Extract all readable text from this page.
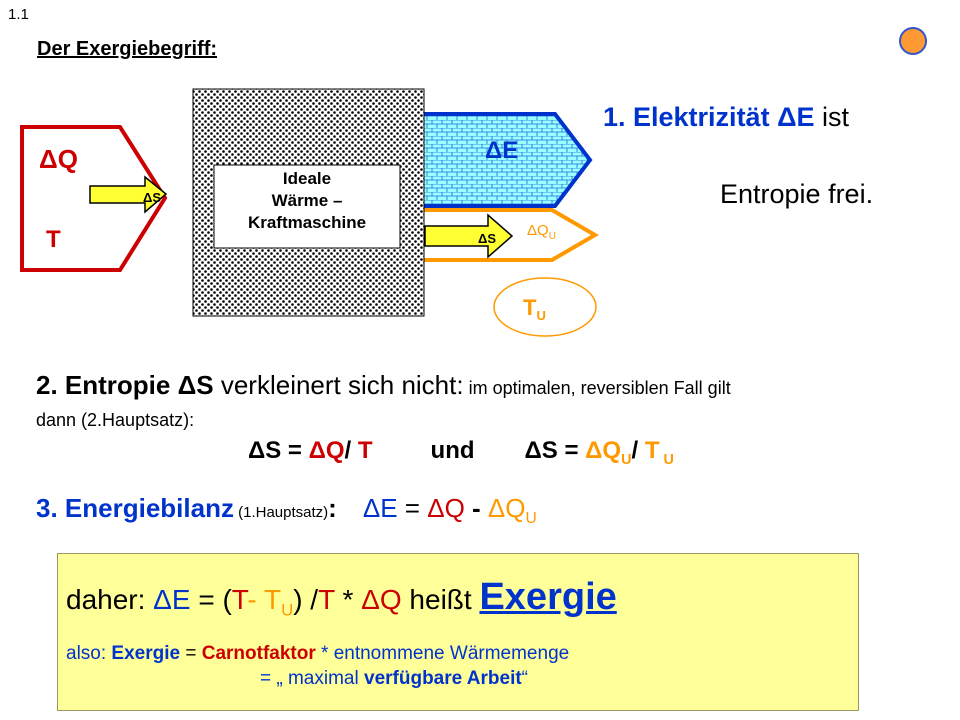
ΔQ
T
ΔS
ΔE
ΔS $\Delta Q_U$
$T_U$
1.1
Der Exergiebegriff:
Ideale
Wärme –
Kraftmaschine
1. Elektrizität ΔE ist
Entropie frei.
2. Entropie ΔS verkleinert sich nicht: im optimalen, reversiblen Fall gilt
dann (2.Hauptsatz):
ΔS = ΔQ/ T und $\Delta S = \Delta Q_U/$ T $_U$
3. Energiebilanz (1.Hauptsatz): $\Delta E = \Delta Q - \Delta Q_U$
daher: ΔE = (T- $T_U$) /T * ΔQ heißt Exergie
also: Exergie = Carnotfaktor * entnommene Wärmemenge
= „ maximal verfügbare Arbeit“
